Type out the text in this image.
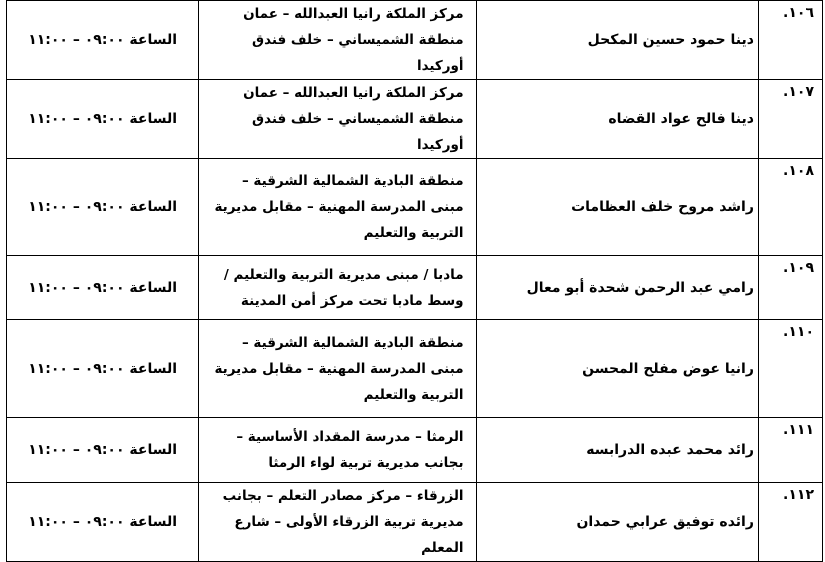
الساعة ٠٩:٠٠ – ١١:٠٠	مركز الملكة رانيا العبدالله – عمان منطقة الشميساني – خلف فندق أوركيدا	دينا حمود حسين المكحل	١٠٦.
الساعة ٠٩:٠٠ – ١١:٠٠	مركز الملكة رانيا العبدالله – عمان منطقة الشميساني – خلف فندق أوركيدا	دينا فالح عواد القضاه	١٠٧.
الساعة ٠٩:٠٠ – ١١:٠٠	منطقة البادية الشمالية الشرقية – مبنى المدرسة المهنية – مقابل مديرية التربية والتعليم	راشد مروح خلف العظامات	١٠٨.
الساعة ٠٩:٠٠ – ١١:٠٠	مادبا / مبنى مديرية التربية والتعليم /وسط مادبا تحت مركز أمن المدينة	رامي عبد الرحمن شحدة أبو معال	١٠٩.
الساعة ٠٩:٠٠ – ١١:٠٠	منطقة البادية الشمالية الشرقية – مبنى المدرسة المهنية – مقابل مديرية التربية والتعليم	رانيا عوض مفلح المحسن	١١٠.
الساعة ٠٩:٠٠ – ١١:٠٠	الرمثا – مدرسة المقداد الأساسية – بجانب مديرية تربية لواء الرمثا	رائد محمد عبده الدرابسه	١١١.
الساعة ٠٩:٠٠ – ١١:٠٠	الزرقاء – مركز مصادر التعلم – بجانب مديرية تربية الزرقاء الأولى – شارع المعلم	رائده توفيق عرابي حمدان	١١٢.
